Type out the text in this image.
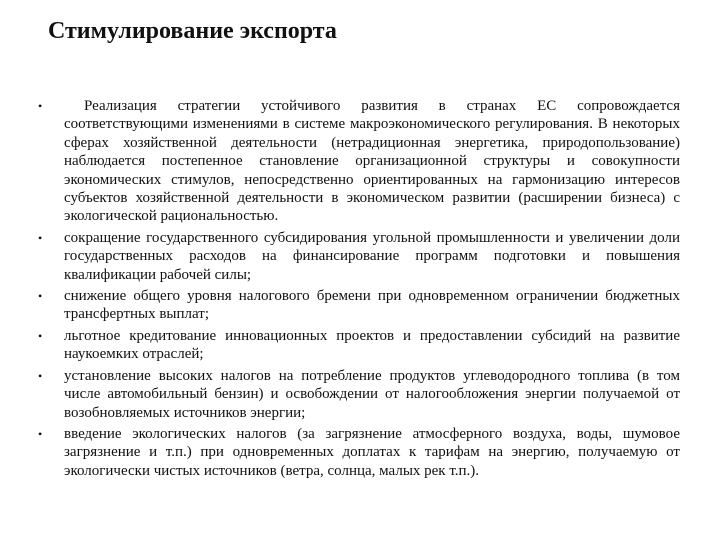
Стимулирование экспорта
•	Реализация стратегии устойчивого развития в странах ЕС сопровождается соответствующими изменениями в системе макроэкономического регулирования. В некоторых сферах хозяйственной деятельности (нетрадиционная энергетика, природопользование) наблюдается постепенное становление организационной структуры и совокупности экономических стимулов, непосредственно ориентированных на гармонизацию интересов субъектов хозяйственной деятельности в экономическом развитии (расширении бизнеса) с экологической рациональностью.
• сокращение государственного субсидирования угольной промышленности и увеличении доли государственных расходов на финансирование программ подготовки и повышения квалификации рабочей силы;
• снижение общего уровня налогового бремени при одновременном ограничении бюджетных трансфертных выплат;
• льготное кредитование инновационных проектов и предоставлении субсидий на развитие наукоемких отраслей;
• установление высоких налогов на потребление продуктов углеводородного топлива (в том числе автомобильный бензин) и освобождении от налогообложения энергии получаемой от возобновляемых источников энергии;
• введение экологических налогов (за загрязнение атмосферного воздуха, воды, шумовое загрязнение и т.п.) при одновременных доплатах к тарифам на энергию, получаемую от экологически чистых источников (ветра, солнца, малых рек т.п.).
